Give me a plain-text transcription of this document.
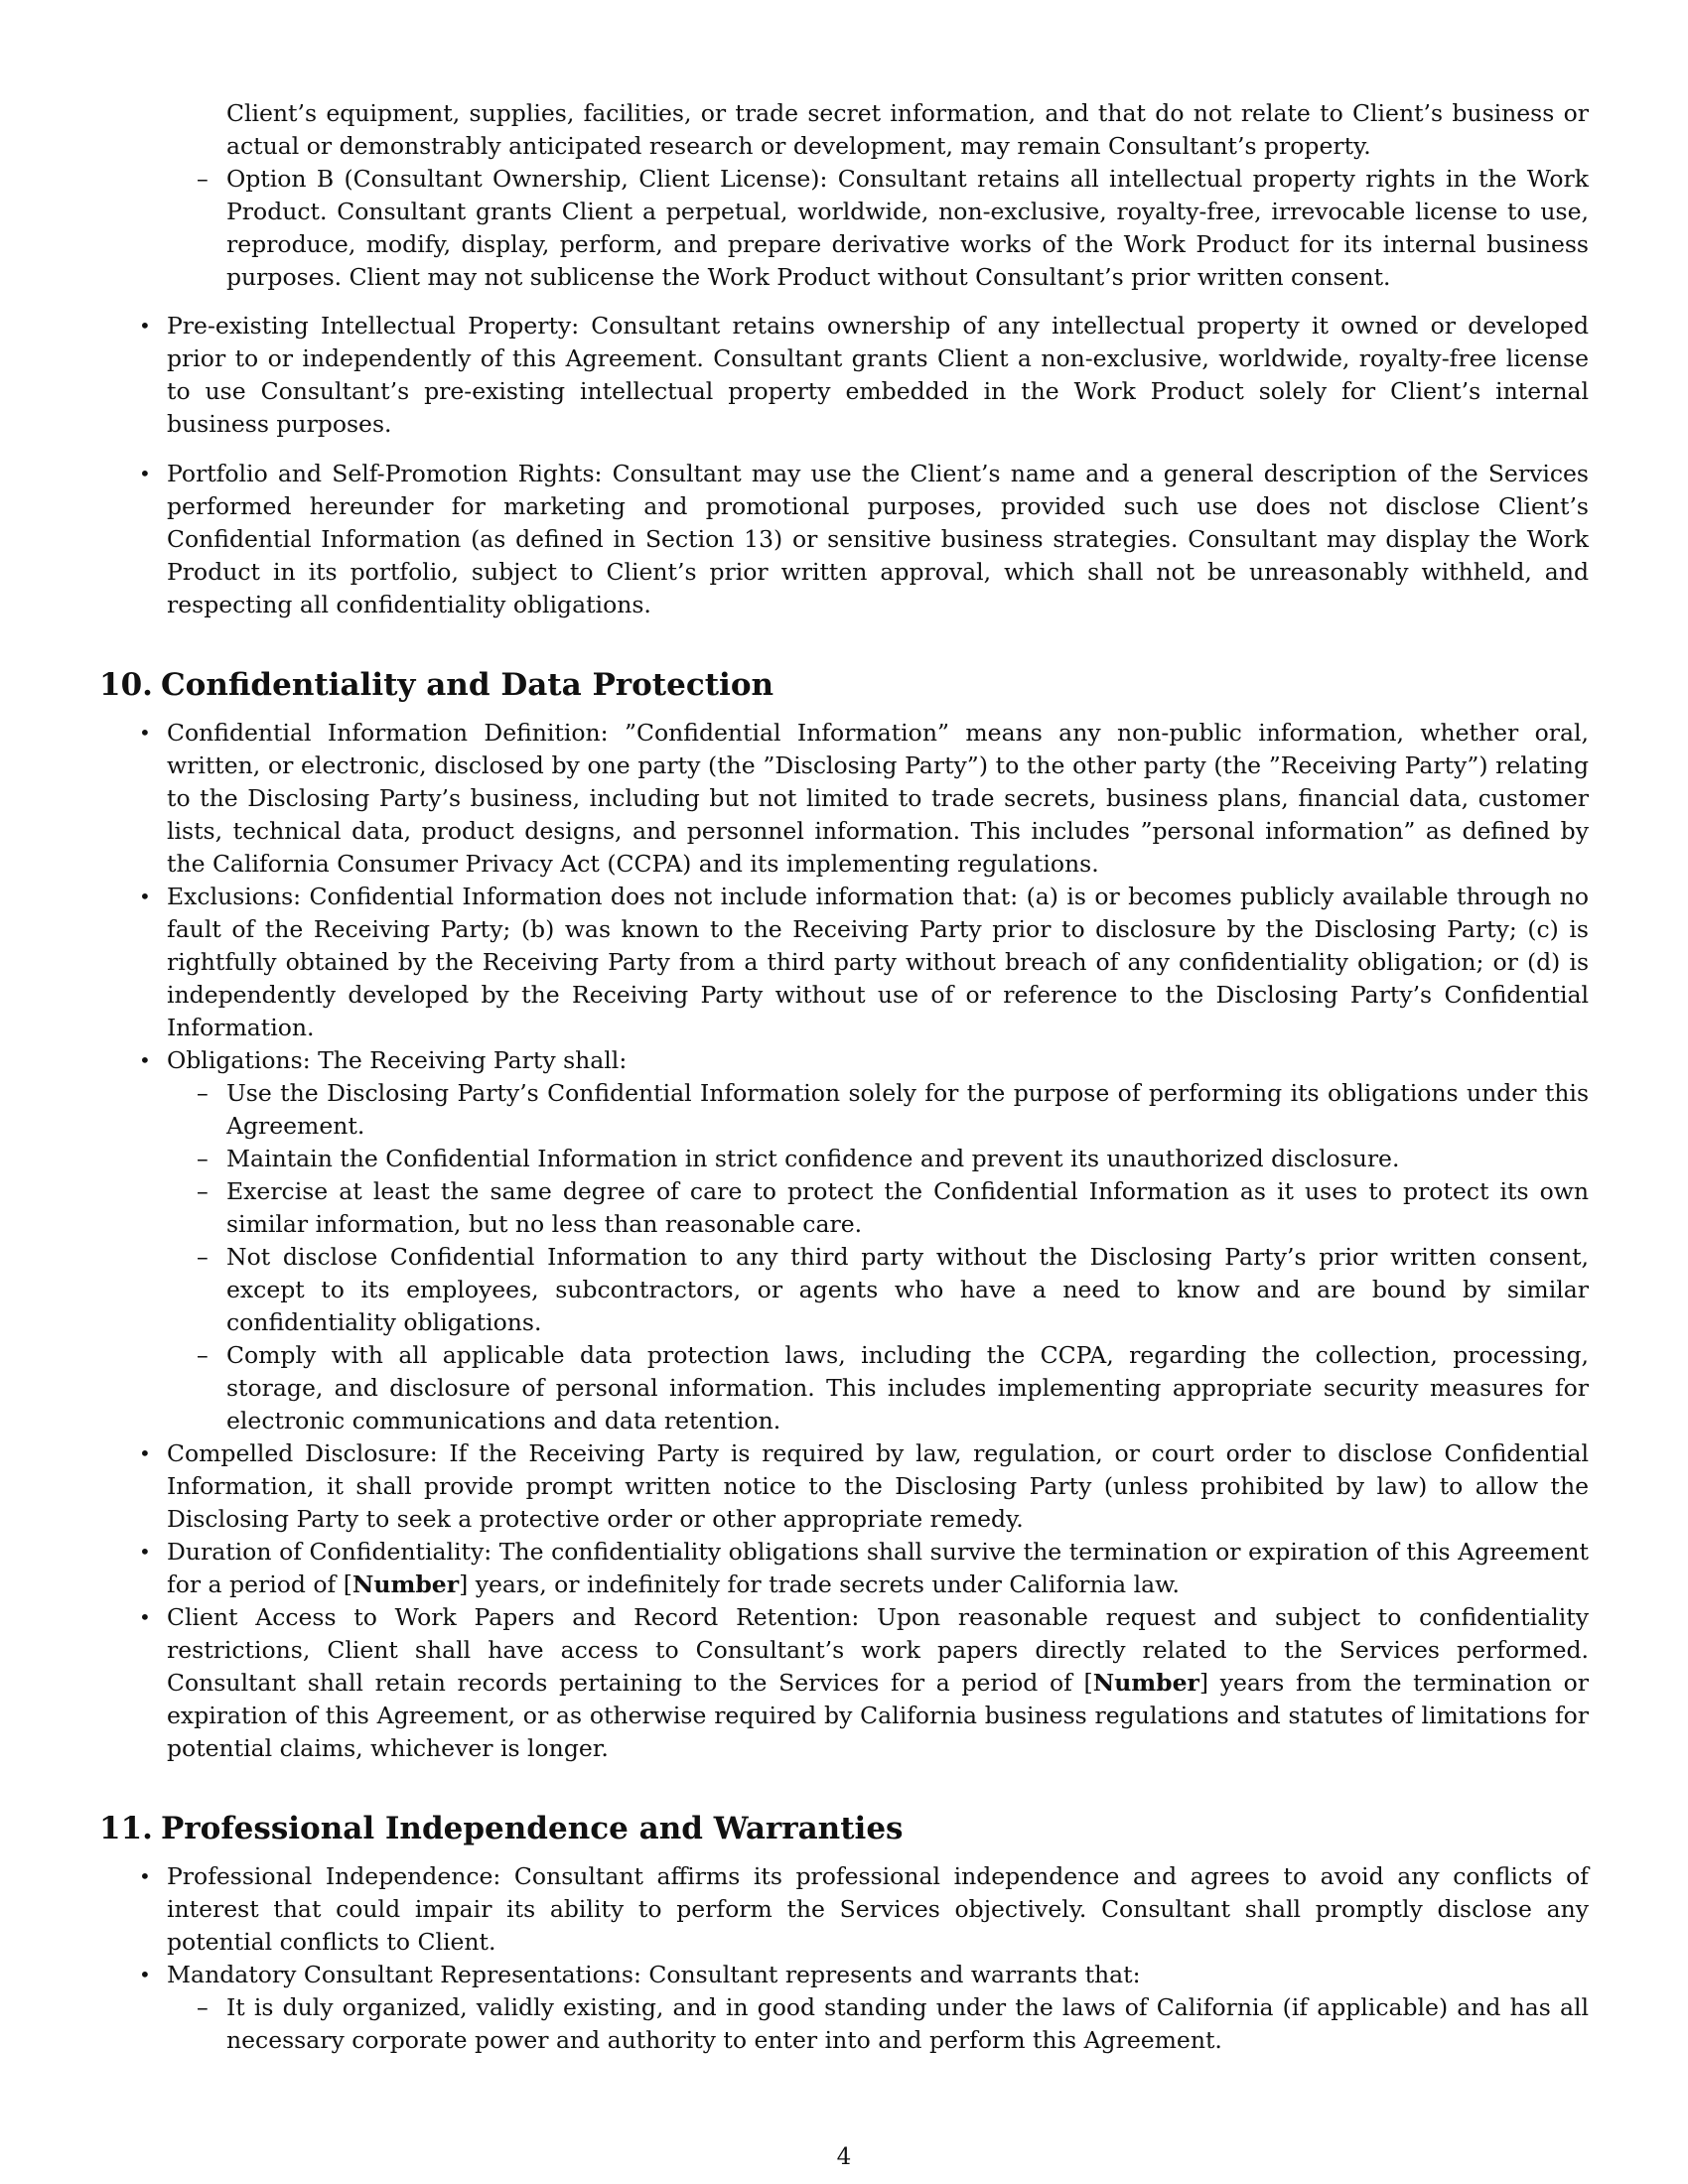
Client’s equipment, supplies, facilities, or trade secret information, and that do not relate to Client’s business or actual or demonstrably anticipated research or development, may remain Consultant’s property.
– Option B (Consultant Ownership, Client License): Consultant retains all intellectual property rights in the Work Product. Consultant grants Client a perpetual, worldwide, non-exclusive, royalty-free, irrevocable license to use, reproduce, modify, display, perform, and prepare derivative works of the Work Product for its internal business purposes. Client may not sublicense the Work Product without Consultant’s prior written consent.
• Pre-existing Intellectual Property: Consultant retains ownership of any intellectual property it owned or developed prior to or independently of this Agreement. Consultant grants Client a non-exclusive, worldwide, royalty-free license to use Consultant’s pre-existing intellectual property embedded in the Work Product solely for Client’s internal business purposes.
• Portfolio and Self-Promotion Rights: Consultant may use the Client’s name and a general description of the Services performed hereunder for marketing and promotional purposes, provided such use does not disclose Client’s Confidential Information (as defined in Section 13) or sensitive business strategies. Consultant may display the Work Product in its portfolio, subject to Client’s prior written approval, which shall not be unreasonably withheld, and respecting all confidentiality obligations.
10. Confidentiality and Data Protection
• Confidential Information Definition: ”Confidential Information” means any non-public information, whether oral, written, or electronic, disclosed by one party (the ”Disclosing Party”) to the other party (the ”Receiving Party”) relating to the Disclosing Party’s business, including but not limited to trade secrets, business plans, financial data, customer lists, technical data, product designs, and personnel information. This includes ”personal information” as defined by the California Consumer Privacy Act (CCPA) and its implementing regulations.
• Exclusions: Confidential Information does not include information that: (a) is or becomes publicly available through no fault of the Receiving Party; (b) was known to the Receiving Party prior to disclosure by the Disclosing Party; (c) is rightfully obtained by the Receiving Party from a third party without breach of any confidentiality obligation; or (d) is independently developed by the Receiving Party without use of or reference to the Disclosing Party’s Confidential Information.
• Obligations: The Receiving Party shall:
– Use the Disclosing Party’s Confidential Information solely for the purpose of performing its obligations under this Agreement.
– Maintain the Confidential Information in strict confidence and prevent its unauthorized disclosure.
– Exercise at least the same degree of care to protect the Confidential Information as it uses to protect its own similar information, but no less than reasonable care.
– Not disclose Confidential Information to any third party without the Disclosing Party’s prior written consent, except to its employees, subcontractors, or agents who have a need to know and are bound by similar confidentiality obligations.
– Comply with all applicable data protection laws, including the CCPA, regarding the collection, processing, storage, and disclosure of personal information. This includes implementing appropriate security measures for electronic communications and data retention.
• Compelled Disclosure: If the Receiving Party is required by law, regulation, or court order to disclose Confidential Information, it shall provide prompt written notice to the Disclosing Party (unless prohibited by law) to allow the Disclosing Party to seek a protective order or other appropriate remedy.
• Duration of Confidentiality: The confidentiality obligations shall survive the termination or expiration of this Agreement for a period of [Number] years, or indefinitely for trade secrets under California law.
• Client Access to Work Papers and Record Retention: Upon reasonable request and subject to confidentiality restrictions, Client shall have access to Consultant’s work papers directly related to the Services performed. Consultant shall retain records pertaining to the Services for a period of [Number] years from the termination or expiration of this Agreement, or as otherwise required by California business regulations and statutes of limitations for potential claims, whichever is longer.
11. Professional Independence and Warranties
• Professional Independence: Consultant affirms its professional independence and agrees to avoid any conflicts of interest that could impair its ability to perform the Services objectively. Consultant shall promptly disclose any potential conflicts to Client.
• Mandatory Consultant Representations: Consultant represents and warrants that:
– It is duly organized, validly existing, and in good standing under the laws of California (if applicable) and has all necessary corporate power and authority to enter into and perform this Agreement.
4
